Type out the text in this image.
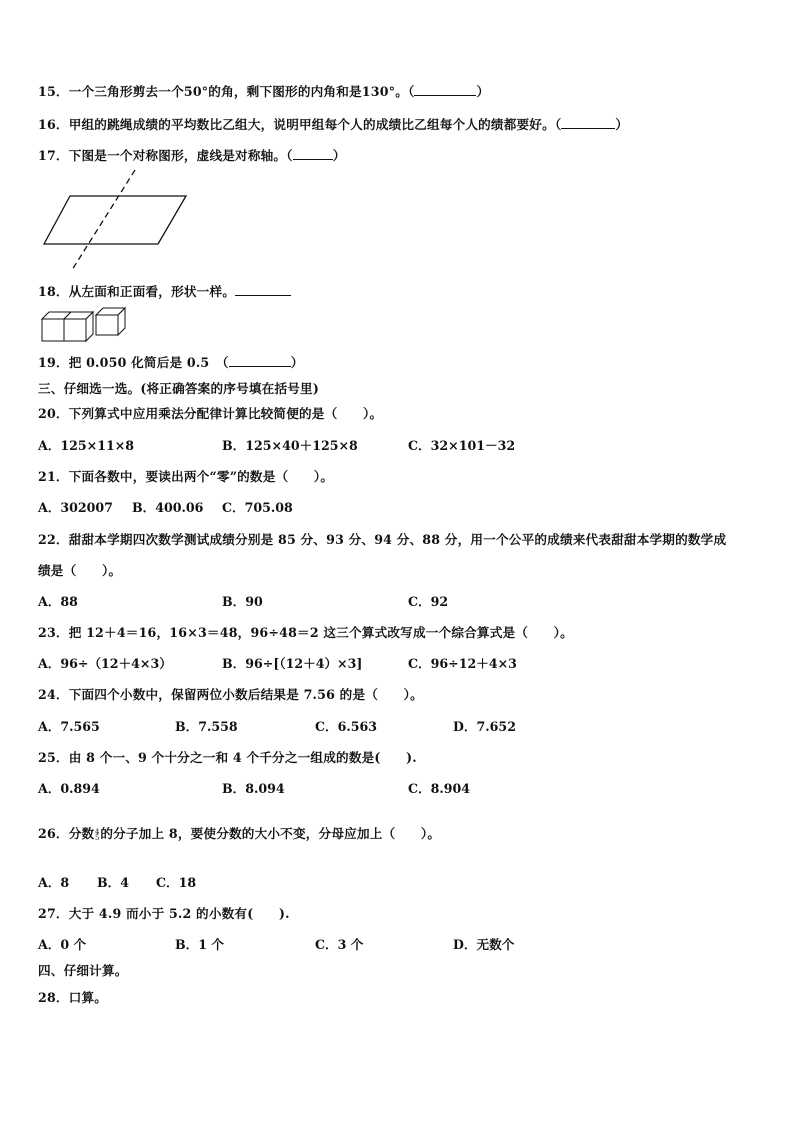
15．一个三角形剪去一个50°的角，剩下图形的内角和是130°。（	）
16．甲组的跳绳成绩的平均数比乙组大，说明甲组每个人的成绩比乙组每个人的绩都要好。（	）
17．下图是一个对称图形，虚线是对称轴。（	）
18．从左面和正面看，形状一样。
19．把 0.050 化简后是 0.5　（	）
三、仔细选一选。(将正确答案的序号填在括号里)
20．下列算式中应用乘法分配律计算比较简便的是（　　）。
A．125×11×8	B．125×40＋125×8	C．32×101－32
21．下面各数中，要读出两个“零”的数是（　　）。
A．302007 B．400.06 C．705.08
22．甜甜本学期四次数学测试成绩分别是 85 分、93 分、94 分、88 分，用一个公平的成绩来代表甜甜本学期的数学成
绩是（　　）。
A．88	B．90	C．92
23．把 12＋4＝16，16×3＝48，96÷48＝2 这三个算式改写成一个综合算式是（　　）。
A．96÷（12＋4×3）	B．96÷[（12＋4）×3]	C．96÷12＋4×3
24．下面四个小数中，保留两位小数后结果是 7.56 的是（　　）。
A．7.565	B．7.558	C．6.563	D．7.652
25．由 8 个一、9 个十分之一和 4 个千分之一组成的数是(　　).
A．0.894	B．8.094	C．8.904
26．分数 4
5 的分子加上 8，要使分数的大小不变，分母应加上（　　）。
A．8 B．4 C．18
27．大于 4.9 而小于 5.2 的小数有(　　).
A．0 个	B．1 个	C．3 个	D．无数个
四、仔细计算。
28．口算。
